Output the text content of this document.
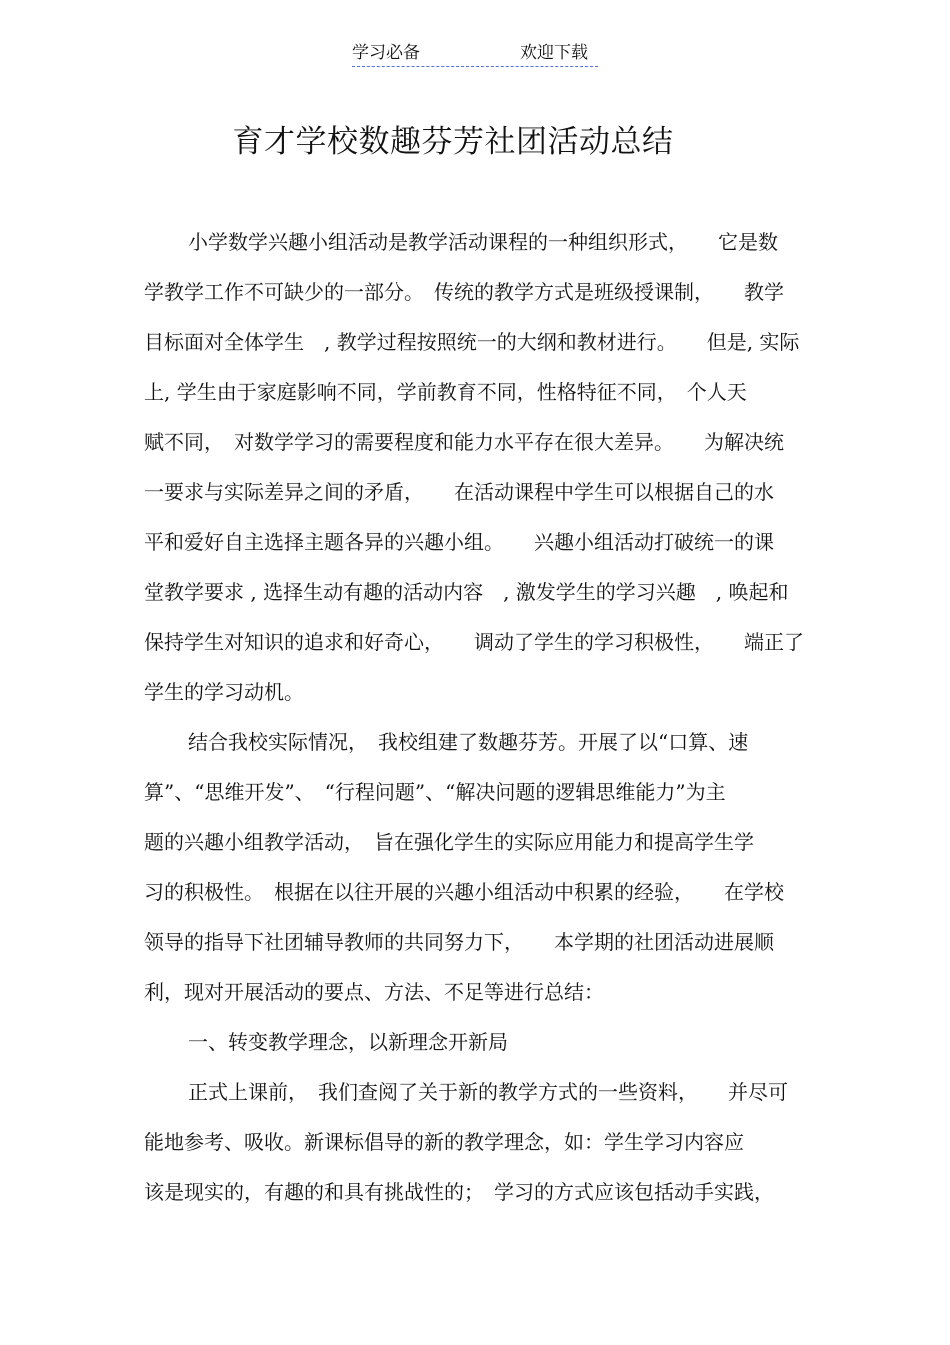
学习必备	欢迎下载
育才学校数趣芬芳社团活动总结
小学数学兴趣小组活动是教学活动课程的一种组织形式，　　它是数
学教学工作不可缺少的一部分。　传统的教学方式是班级授课制，　　教学
目标面对全体学生　, 教学过程按照统一的大纲和教材进行。　　但是, 实际
上, 学生由于家庭影响不同，学前教育不同，性格特征不同，　个人天
赋不同，　对数学学习的需要程度和能力水平存在很大差异。　　为解决统
一要求与实际差异之间的矛盾，　　在活动课程中学生可以根据自己的水
平和爱好自主选择主题各异的兴趣小组。　　兴趣小组活动打破统一的课
堂教学要求 , 选择生动有趣的活动内容　, 激发学生的学习兴趣　, 唤起和
保持学生对知识的追求和好奇心，　　调动了学生的学习积极性，　　端正了
学生的学习动机。
结合我校实际情况，　我校组建了数趣芬芳。开展了以“口算、速
算”、“思维开发”、　“行程问题”、“解决问题的逻辑思维能力”为主
题的兴趣小组教学活动，　旨在强化学生的实际应用能力和提高学生学
习的积极性。　根据在以往开展的兴趣小组活动中积累的经验，　　在学校
领导的指导下社团辅导教师的共同努力下，　　本学期的社团活动进展顺
利，现对开展活动的要点、方法、不足等进行总结：
一、转变教学理念，以新理念开新局
正式上课前，　我们查阅了关于新的教学方式的一些资料，　　并尽可
能地参考、吸收。新课标倡导的新的教学理念，如：学生学习内容应
该是现实的，有趣的和具有挑战性的；　学习的方式应该包括动手实践，
